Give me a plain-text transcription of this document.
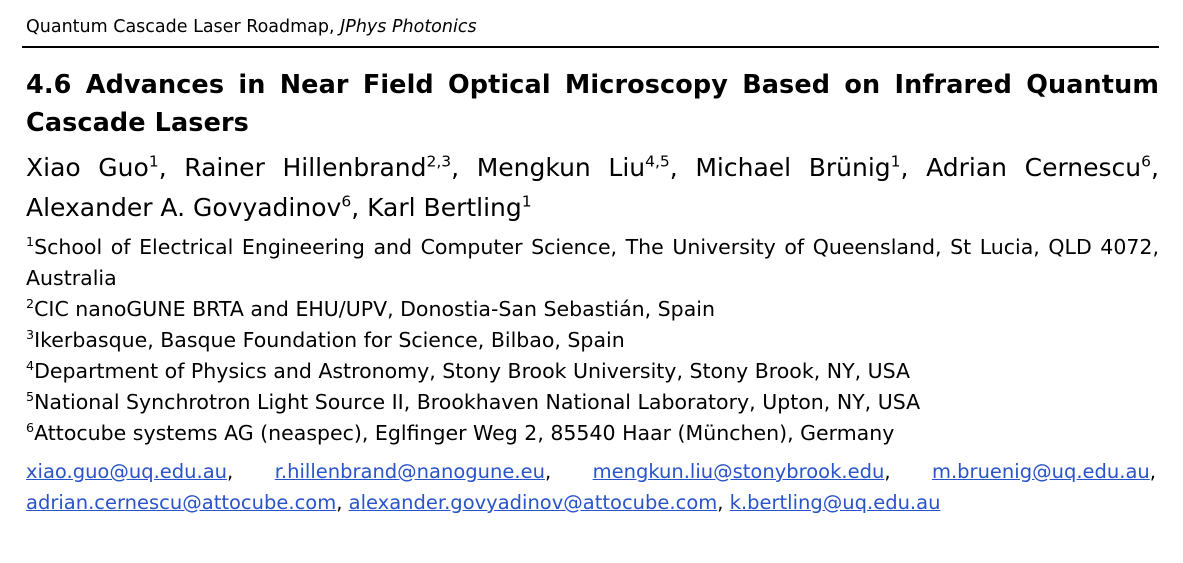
Quantum Cascade Laser Roadmap, JPhys Photonics
4.6 Advances in Near Field Optical Microscopy Based on Infrared Quantum Cascade Lasers

Xiao Guo$^1$, Rainer Hillenbrand$^{2,3}$, Mengkun Liu$^{4,5}$, Michael Brünig$^1$, Adrian Cernescu$^6$, Alexander A. Govyadinov$^6$, Karl Bertling$^1$

$^1$School of Electrical Engineering and Computer Science, The University of Queensland, St Lucia, QLD 4072, Australia

$^2$CIC nanoGUNE BRTA and EHU/UPV, Donostia-San Sebastián, Spain

$^3$Ikerbasque, Basque Foundation for Science, Bilbao, Spain

$^4$Department of Physics and Astronomy, Stony Brook University, Stony Brook, NY, USA

$^5$National Synchrotron Light Source II, Brookhaven National Laboratory, Upton, NY, USA

$^6$Attocube systems AG (neaspec), Eglfinger Weg 2, 85540 Haar (München), Germany

xiao.guo@uq.edu.au, r.hillenbrand@nanogune.eu, mengkun.liu@stonybrook.edu, m.bruenig@uq.edu.au,
adrian.cernescu@attocube.com, alexander.govyadinov@attocube.com, k.bertling@uq.edu.au
